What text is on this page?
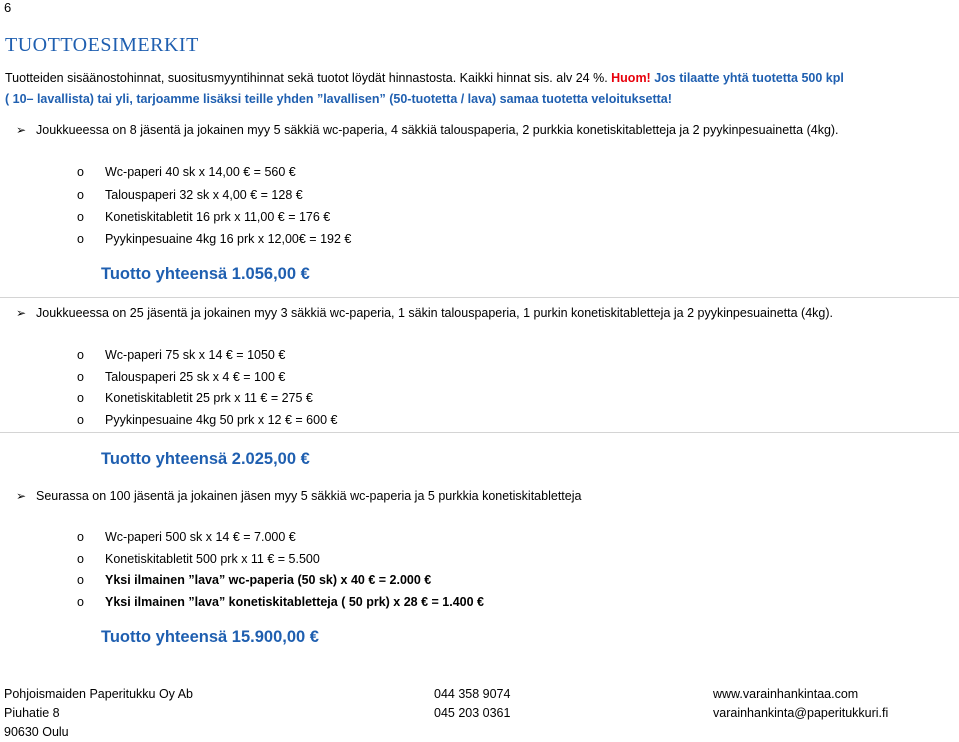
6
TUOTTOESIMERKIT
Tuotteiden sisäänostohinnat, suositusmyyntihinnat sekä tuotot löydät hinnastosta. Kaikki hinnat sis. alv 24 %. Huom! Jos tilaatte yhtä tuotetta 500 kpl
( 10– lavallista) tai yli, tarjoamme lisäksi teille yhden ”lavallisen” (50-tuotetta / lava) samaa tuotetta veloituksetta!
➢ Joukkueessa on 8 jäsentä ja jokainen myy 5 säkkiä wc-paperia, 4 säkkiä talouspaperia, 2 purkkia konetiskitabletteja ja 2 pyykinpesuainetta (4kg).
o	Wc-paperi 40 sk x 14,00 € = 560 €
o	Talouspaperi 32 sk x 4,00 € = 128 €
o	Konetiskitabletit 16 prk x 11,00 € = 176 €
o	Pyykinpesuaine 4kg 16 prk x 12,00€ = 192 €
Tuotto yhteensä 1.056,00 €
➢ Joukkueessa on 25 jäsentä ja jokainen myy 3 säkkiä wc-paperia, 1 säkin talouspaperia, 1 purkin konetiskitabletteja ja 2 pyykinpesuainetta (4kg).
o	Wc-paperi 75 sk x 14 € = 1050 €
o	Talouspaperi 25 sk x 4 € = 100 €
o	Konetiskitabletit 25 prk x 11 € = 275 €
o	Pyykinpesuaine 4kg 50 prk x 12 € = 600 €
Tuotto yhteensä 2.025,00 €
➢ Seurassa on 100 jäsentä ja jokainen jäsen myy 5 säkkiä wc-paperia ja 5 purkkia konetiskitabletteja
o	Wc-paperi 500 sk x 14 € = 7.000 €
o	Konetiskitabletit 500 prk x 11 € = 5.500
o	Yksi ilmainen ”lava” wc-paperia (50 sk) x 40 € = 2.000 €
o	Yksi ilmainen ”lava” konetiskitabletteja ( 50 prk) x 28 € = 1.400 €
Tuotto yhteensä 15.900,00 €
Pohjoismaiden Paperitukku Oy Ab
Piuhatie 8
90630 Oulu
044 358 9074
045 203 0361
www.varainhankintaa.com
varainhankinta@paperitukkuri.fi
